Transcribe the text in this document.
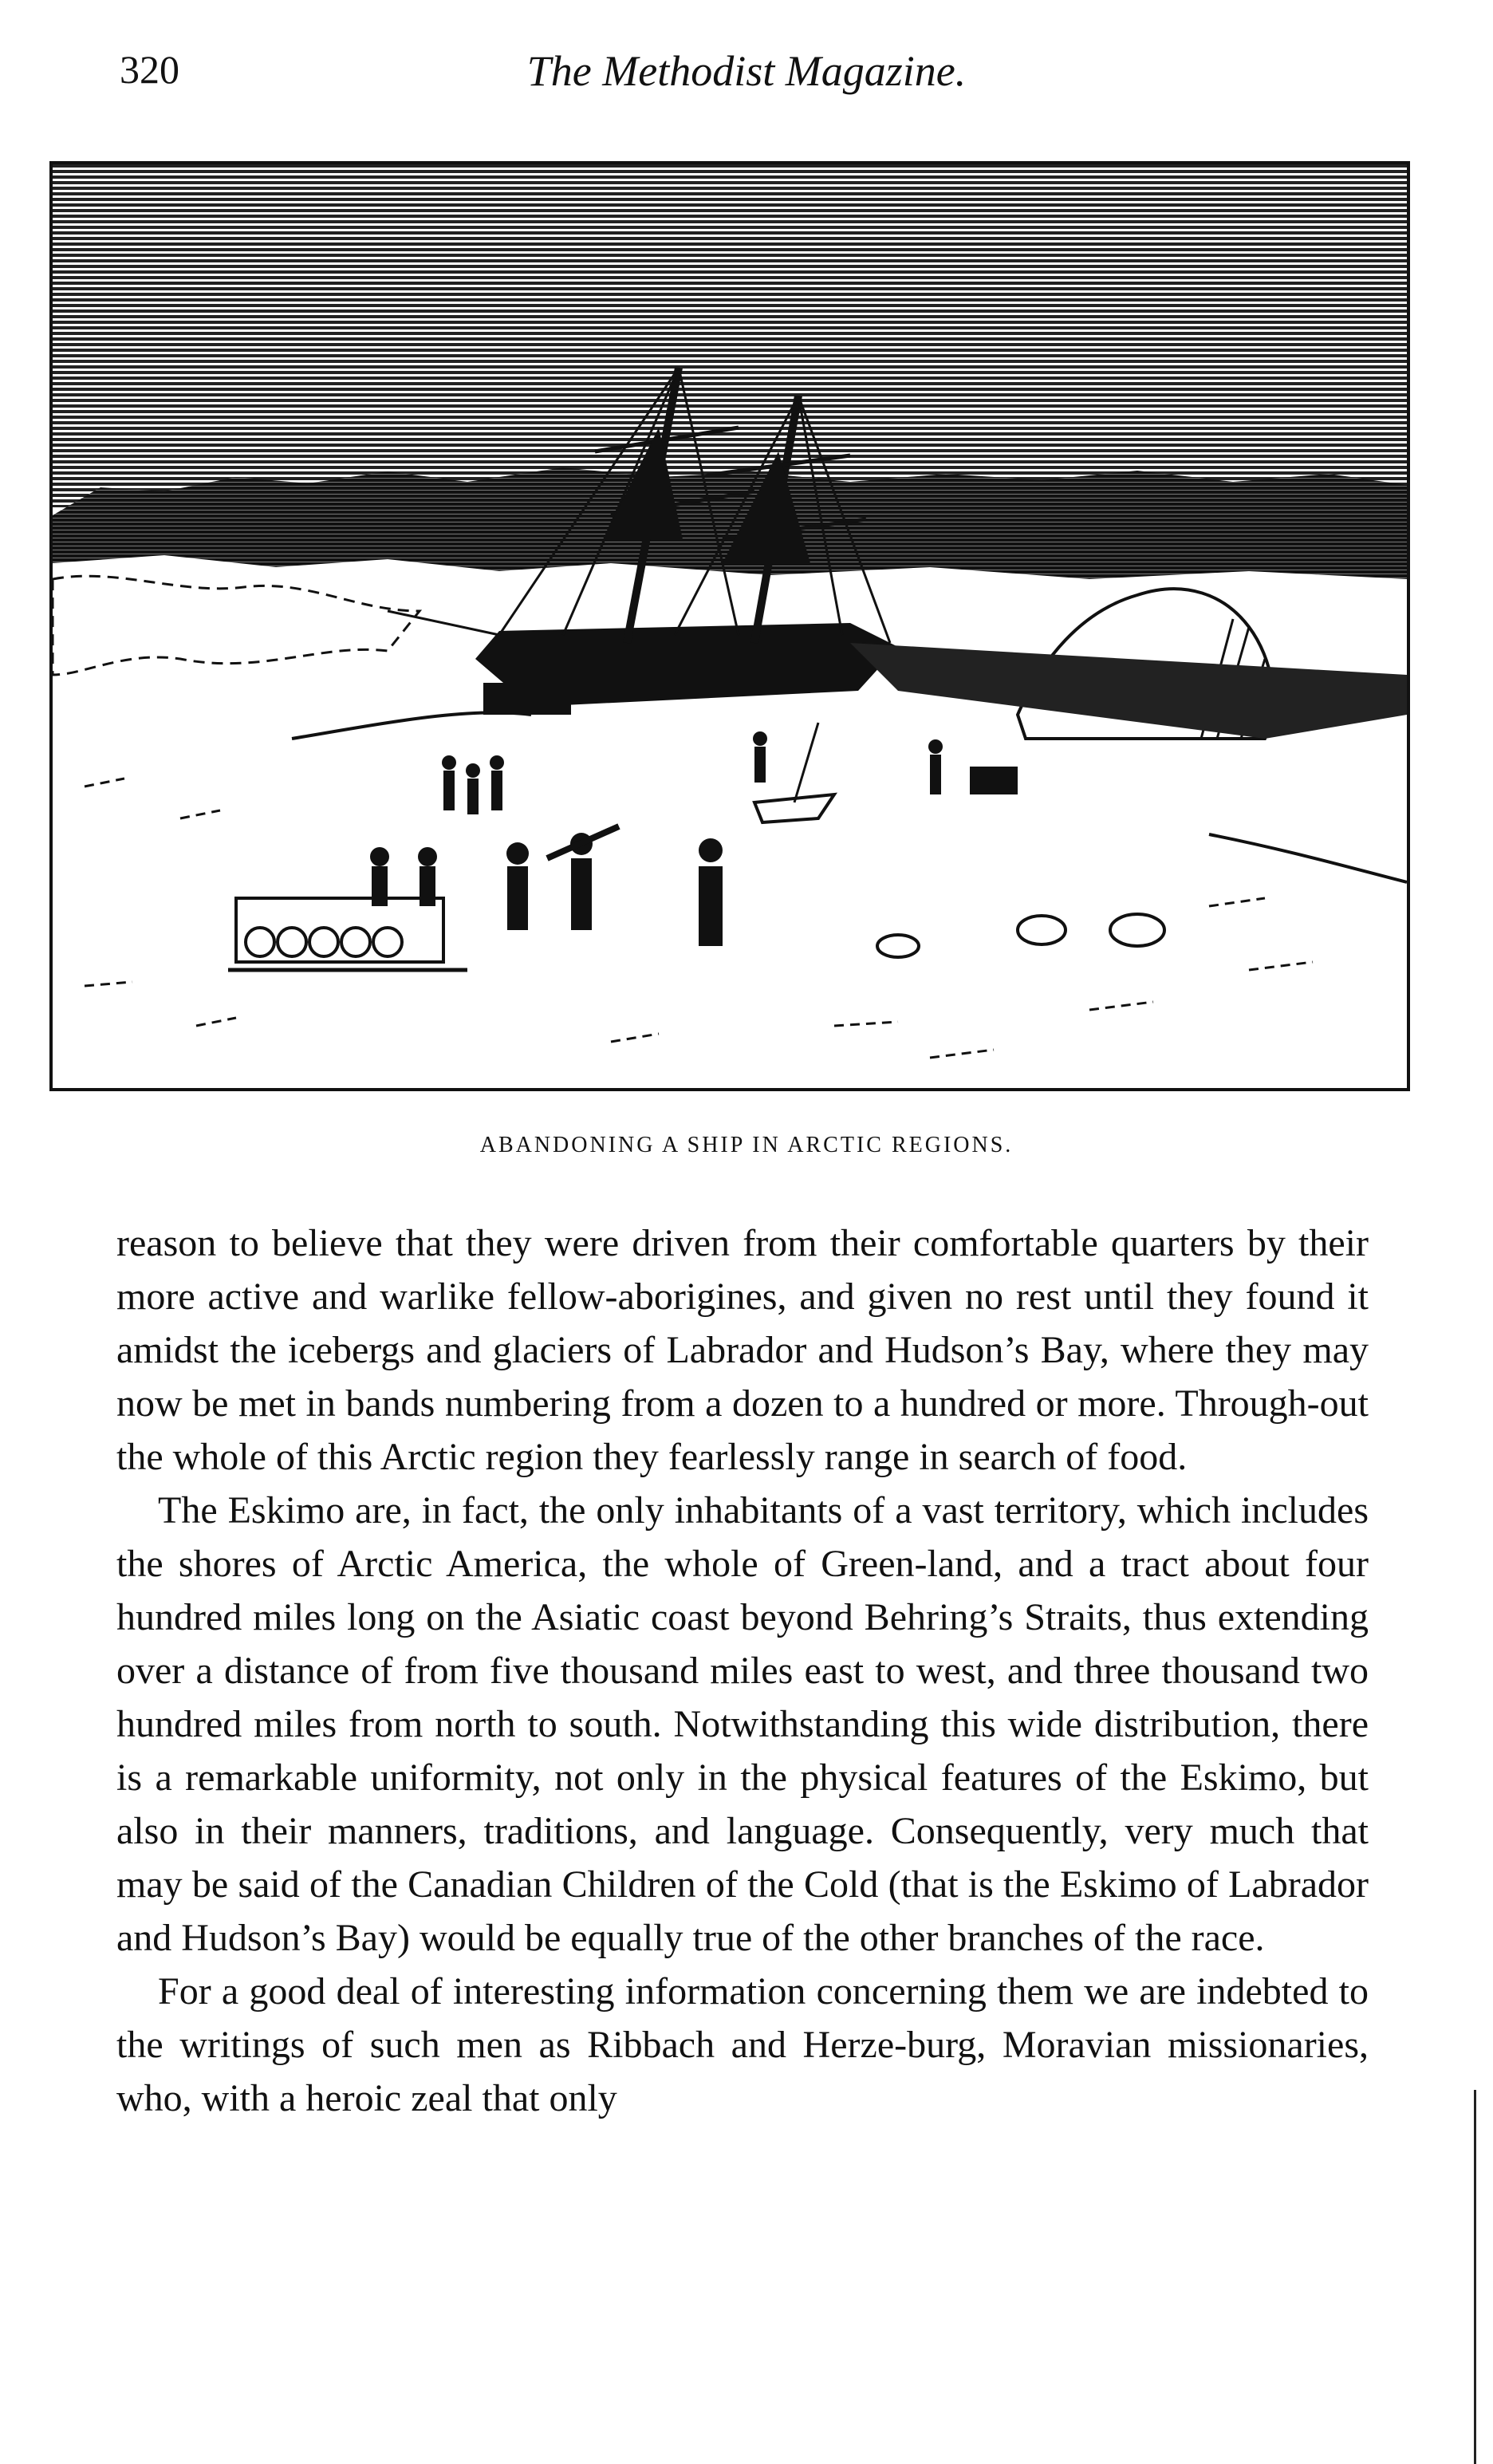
320	The Methodist Magazine.
ABANDONING A SHIP IN ARCTIC REGIONS.

reason to believe that they were driven from their comfortable quarters by their more active and warlike fellow-aborigines, and given no rest until they found it amidst the icebergs and glaciers of Labrador and Hudson’s Bay, where they may now be met in bands numbering from a dozen to a hundred or more. Through-out the whole of this Arctic region they fearlessly range in search of food.

The Eskimo are, in fact, the only inhabitants of a vast territory, which includes the shores of Arctic America, the whole of Green-land, and a tract about four hundred miles long on the Asiatic coast beyond Behring’s Straits, thus extending over a distance of from five thousand miles east to west, and three thousand two hundred miles from north to south. Notwithstanding this wide distribution, there is a remarkable uniformity, not only in the physical features of the Eskimo, but also in their manners, traditions, and language. Consequently, very much that may be said of the Canadian Children of the Cold (that is the Eskimo of Labrador and Hudson’s Bay) would be equally true of the other branches of the race.

For a good deal of interesting information concerning them we are indebted to the writings of such men as Ribbach and Herze-burg, Moravian missionaries, who, with a heroic zeal that only
